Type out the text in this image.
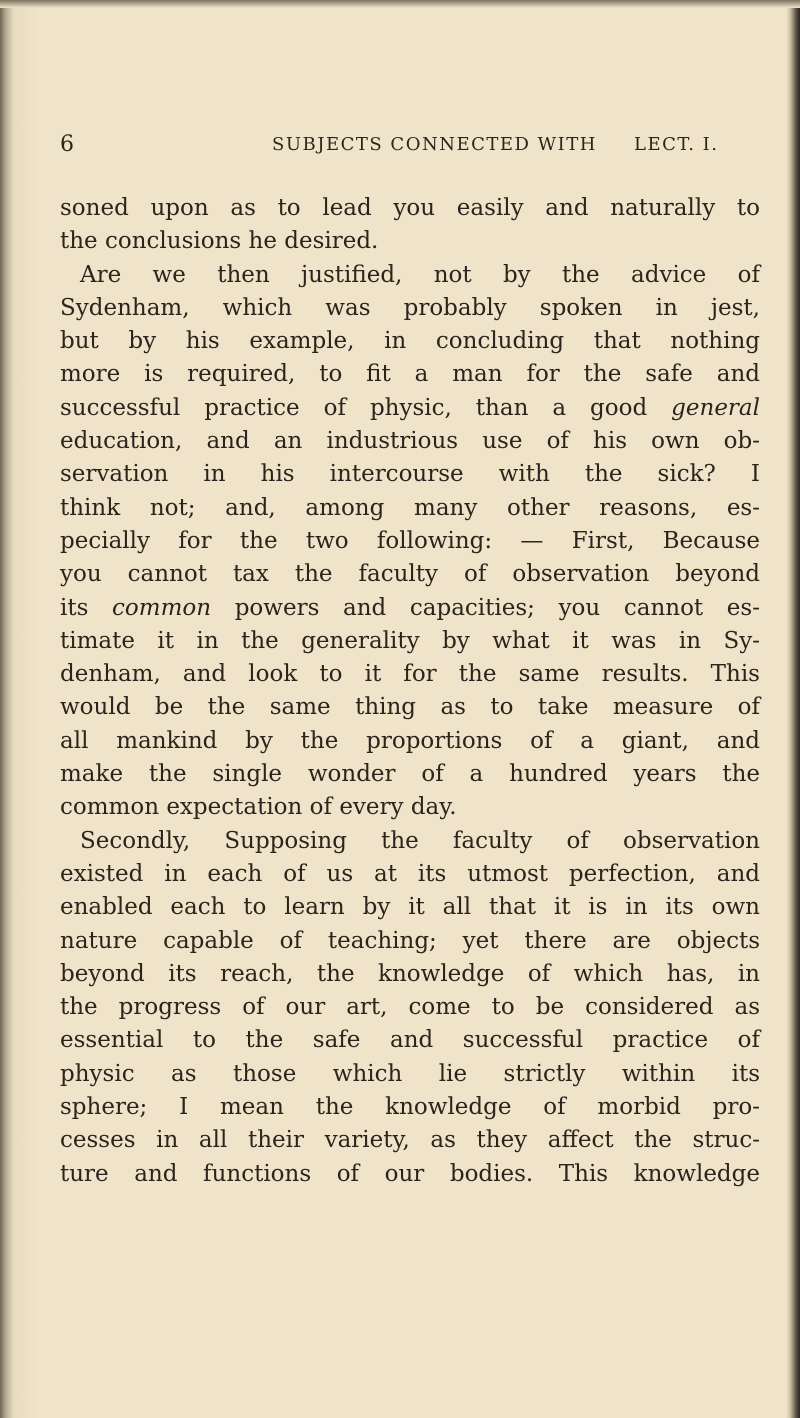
6	SUBJECTS CONNECTED WITH LECT. I.
soned upon as to lead you easily and naturally to
the conclusions he desired.
Are we then justified, not by the advice of
Sydenham, which was probably spoken in jest,
but by his example, in concluding that nothing
more is required, to fit a man for the safe and
successful practice of physic, than a good general
education, and an industrious use of his own ob-
servation in his intercourse with the sick? I
think not; and, among many other reasons, es-
pecially for the two following: — First, Because
you cannot tax the faculty of observation beyond
its common powers and capacities; you cannot es-
timate it in the generality by what it was in Sy-
denham, and look to it for the same results. This
would be the same thing as to take measure of
all mankind by the proportions of a giant, and
make the single wonder of a hundred years the
common expectation of every day.
Secondly, Supposing the faculty of observation
existed in each of us at its utmost perfection, and
enabled each to learn by it all that it is in its own
nature capable of teaching; yet there are objects
beyond its reach, the knowledge of which has, in
the progress of our art, come to be considered as
essential to the safe and successful practice of
physic as those which lie strictly within its
sphere; I mean the knowledge of morbid pro-
cesses in all their variety, as they affect the struc-
ture and functions of our bodies. This knowledge
